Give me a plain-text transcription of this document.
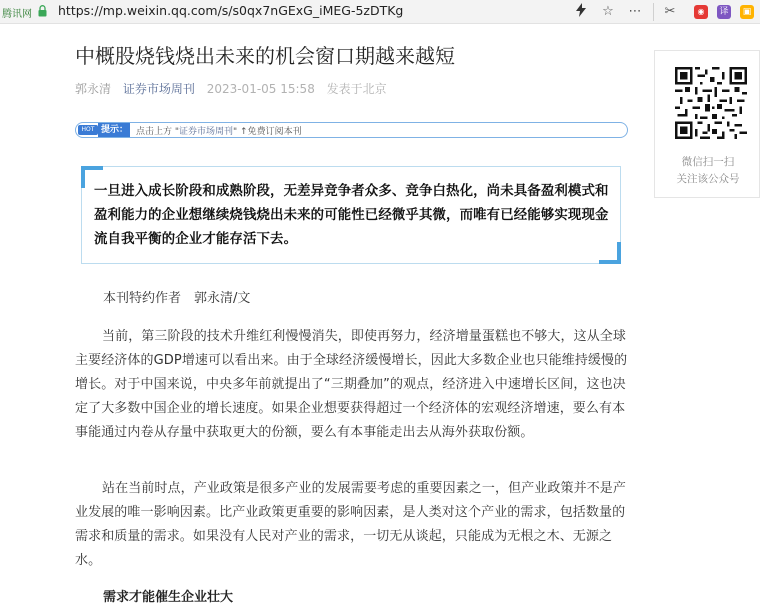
腾讯网 https://mp.weixin.qq.com/s/s0qx7nGExG_iMEG-5zDTKg	☆ ⋯ ✂	◉	译	▣
中概股烧钱烧出未来的机会窗口期越来越短
郭永清 证券市场周刊 2023-01-05 15:58 发表于北京
HOT 提示： 点击上方 "证券市场周刊" ↑免费订阅本刊

一旦进入成长阶段和成熟阶段，无差异竞争者众多、竞争白热化，尚未具备盈利模式和盈利能力的企业想继续烧钱烧出未来的可能性已经微乎其微，而唯有已经能够实现现金流自我平衡的企业才能存活下去。

本刊特约作者　郭永清/文

当前，第三阶段的技术升维红利慢慢消失，即使再努力，经济增量蛋糕也不够大，这从全球主要经济体的GDP增速可以看出来。由于全球经济缓慢增长，因此大多数企业也只能维持缓慢的增长。对于中国来说，中央多年前就提出了“三期叠加”的观点，经济进入中速增长区间，这也决定了大多数中国企业的增长速度。如果企业想要获得超过一个经济体的宏观经济增速，要么有本事能通过内卷从存量中获取更大的份额，要么有本事能走出去从海外获取份额。

站在当前时点，产业政策是很多产业的发展需要考虑的重要因素之一，但产业政策并不是产业发展的唯一影响因素。比产业政策更重要的影响因素，是人类对这个产业的需求，包括数量的需求和质量的需求。如果没有人民对产业的需求，一切无从谈起，只能成为无根之木、无源之水。

需求才能催生企业壮大

微信扫一扫
关注该公众号
